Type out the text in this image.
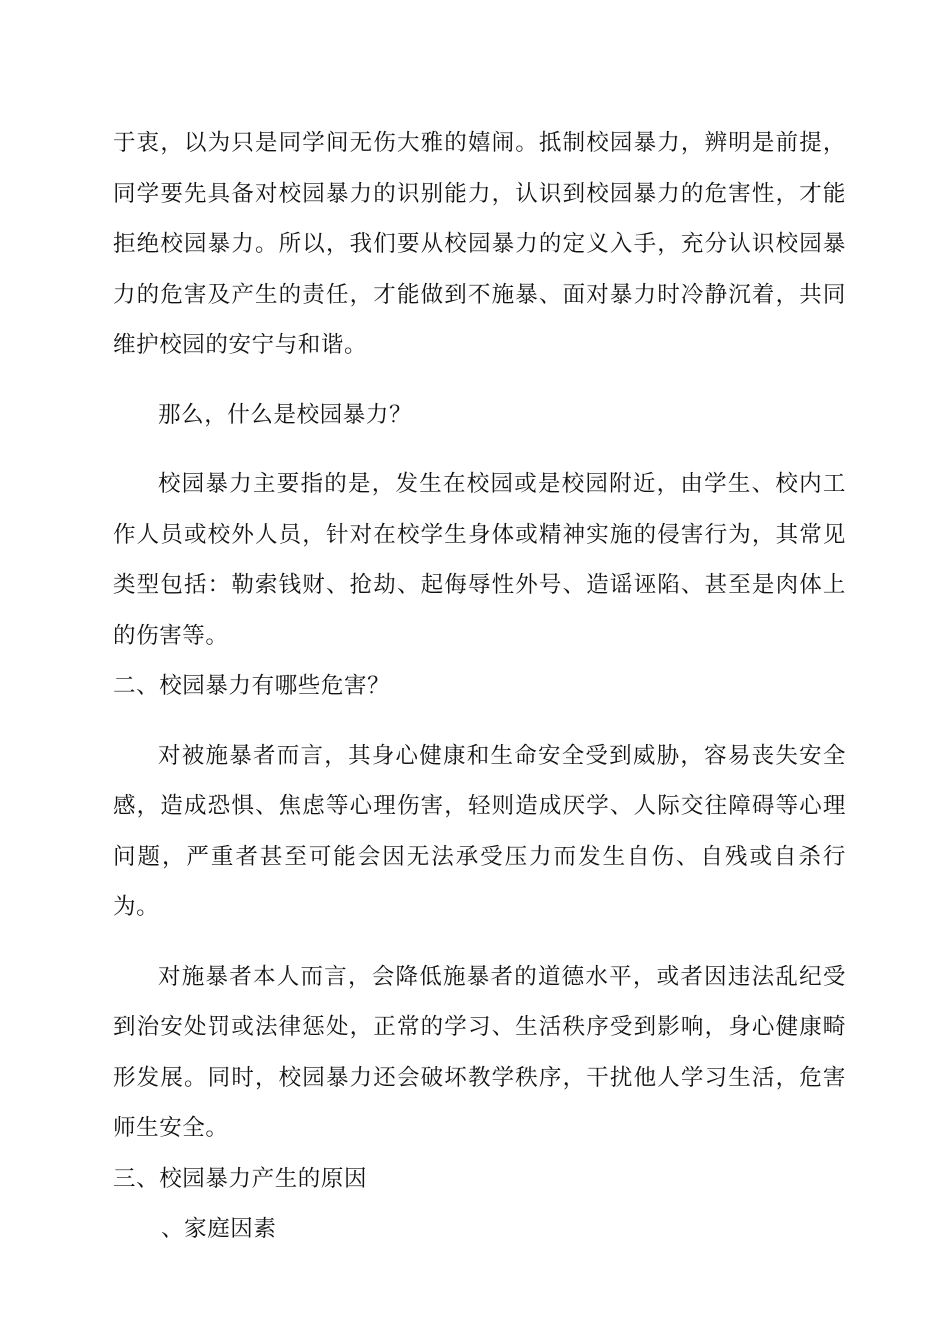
于衷，以为只是同学间无伤大雅的嬉闹。抵制校园暴力，辨明是前提，同学要先具备对校园暴力的识别能力，认识到校园暴力的危害性，才能拒绝校园暴力。所以，我们要从校园暴力的定义入手，充分认识校园暴力的危害及产生的责任，才能做到不施暴、面对暴力时冷静沉着，共同维护校园的安宁与和谐。

那么，什么是校园暴力？

校园暴力主要指的是，发生在校园或是校园附近，由学生、校内工作人员或校外人员，针对在校学生身体或精神实施的侵害行为，其常见类型包括：勒索钱财、抢劫、起侮辱性外号、造谣诬陷、甚至是肉体上的伤害等。

二、校园暴力有哪些危害？

对被施暴者而言，其身心健康和生命安全受到威胁，容易丧失安全感，造成恐惧、焦虑等心理伤害，轻则造成厌学、人际交往障碍等心理问题，严重者甚至可能会因无法承受压力而发生自伤、自残或自杀行为。

对施暴者本人而言，会降低施暴者的道德水平，或者因违法乱纪受到治安处罚或法律惩处，正常的学习、生活秩序受到影响，身心健康畸形发展。同时，校园暴力还会破坏教学秩序，干扰他人学习生活，危害师生安全。

三、校园暴力产生的原因

、家庭因素
